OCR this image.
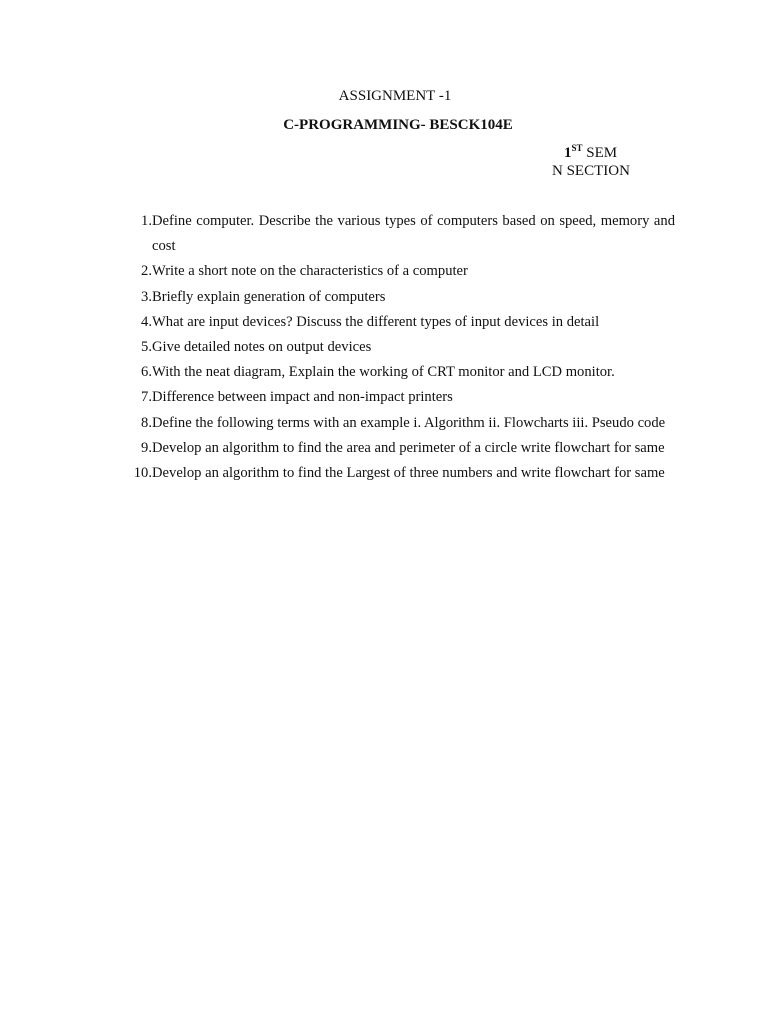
ASSIGNMENT -1
C-PROGRAMMING- BESCK104E
1ST SEM
N SECTION
1. Define computer. Describe the various types of computers based on speed, memory and cost
2. Write a short note on the characteristics of a computer
3. Briefly explain generation of computers
4. What are input devices? Discuss the different types of input devices in detail
5. Give detailed notes on output devices
6. With the neat diagram, Explain the working of CRT monitor and LCD monitor.
7. Difference between impact and non-impact printers
8. Define the following terms with an example i. Algorithm ii. Flowcharts iii. Pseudo code
9. Develop an algorithm to find the area and perimeter of a circle write flowchart for same
10. Develop an algorithm to find the Largest of three numbers and write flowchart for same
